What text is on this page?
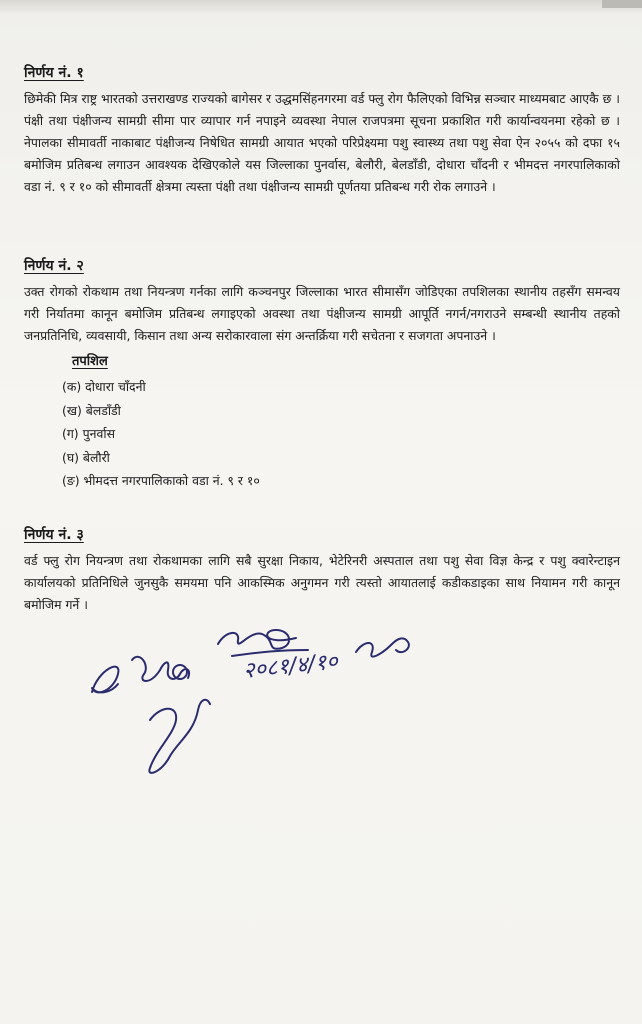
निर्णय नं. १

छिमेकी मित्र राष्ट्र भारतको उत्तराखण्ड राज्यको बागेसर र उद्धमसिंहनगरमा वर्ड फ्लु रोग फैलिएको विभिन्न सञ्चार माध्यमबाट आएकै छ । पंक्षी तथा पंक्षीजन्य सामग्री सीमा पार व्यापार गर्न नपाइने व्यवस्था नेपाल राजपत्रमा सूचना प्रकाशित गरी कार्यान्वयनमा रहेको छ । नेपालका सीमावर्ती नाकाबाट पंक्षीजन्य निषेधित सामग्री आयात भएको परिप्रेक्ष्यमा पशु स्वास्थ्य तथा पशु सेवा ऐन २०५५ को दफा १५ बमोजिम प्रतिबन्ध लगाउन आवश्यक देखिएकोले यस जिल्लाका पुनर्वास, बेलौरी, बेलडाँडी, दोधारा चाँदनी र भीमदत्त नगरपालिकाको वडा नं. ९ र १० को सीमावर्ती क्षेत्रमा त्यस्ता पंक्षी तथा पंक्षीजन्य सामग्री पूर्णतया प्रतिबन्ध गरी रोक लगाउने ।

निर्णय नं. २

उक्त रोगको रोकथाम तथा नियन्त्रण गर्नका लागि कञ्चनपुर जिल्लाका भारत सीमासँग जोडिएका तपशिलका स्थानीय तहसँग समन्वय गरी निर्यातमा कानून बमोजिम प्रतिबन्ध लगाइएको अवस्था तथा पंक्षीजन्य सामग्री आपूर्ति नगर्न/नगराउने सम्बन्धी स्थानीय तहको जनप्रतिनिधि, व्यवसायी, किसान तथा अन्य सरोकारवाला संग अन्तर्क्रिया गरी सचेतना र सजगता अपनाउने ।

तपशिल
(क) दोधारा चाँदनी
(ख) बेलडाँडी
(ग) पुनर्वास
(घ) बेलौरी
(ङ) भीमदत्त नगरपालिकाको वडा नं. ९ र १०
निर्णय नं. ३

वर्ड फ्लु रोग नियन्त्रण तथा रोकथामका लागि सबै सुरक्षा निकाय, भेटेरिनरी अस्पताल तथा पशु सेवा विज्ञ केन्द्र र पशु क्वारेन्टाइन कार्यालयको प्रतिनिधिले जुनसुकै समयमा पनि आकस्मिक अनुगमन गरी त्यस्तो आयातलाई कडीकडाइका साथ नियामन गरी कानून बमोजिम गर्ने ।

२०८१/४/१०
